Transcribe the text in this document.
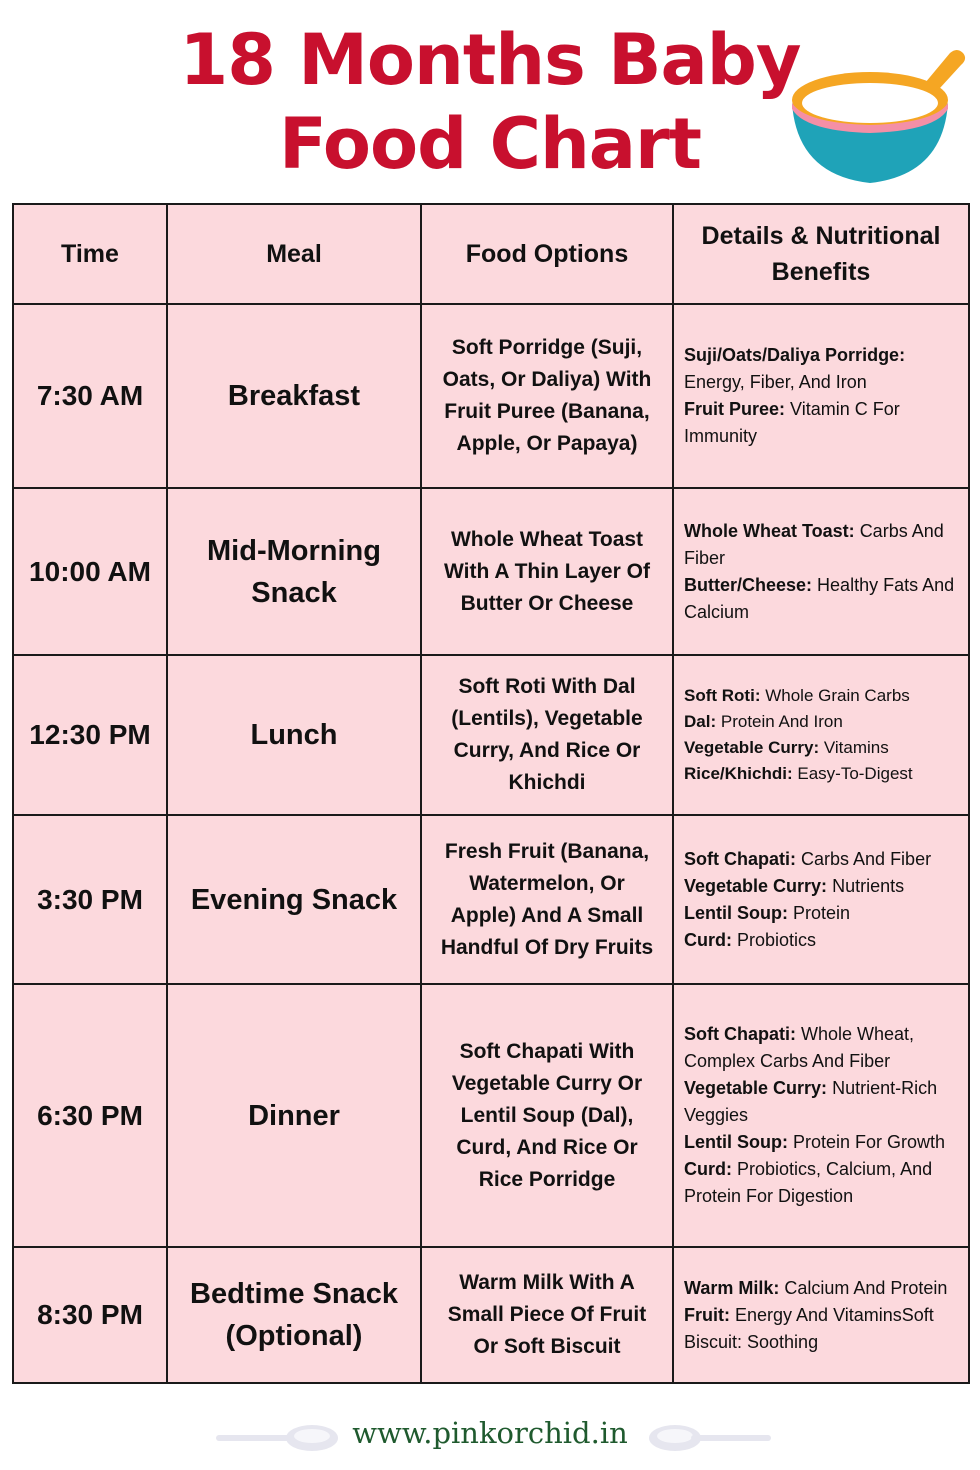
18 Months Baby
Food Chart
Time	Meal	Food Options	Details & Nutritional Benefits
7:30 AM	Breakfast	Soft Porridge (Suji, Oats, Or Daliya) With Fruit Puree (Banana, Apple, Or Papaya)	Suji/Oats/Daliya Porridge: Energy, Fiber, And Iron
Fruit Puree: Vitamin C For Immunity

10:00 AM	Mid-Morning Snack	Whole Wheat Toast With A Thin Layer Of Butter Or Cheese	Whole Wheat Toast: Carbs And Fiber
Butter/Cheese: Healthy Fats And Calcium

12:30 PM	Lunch	Soft Roti With Dal (Lentils), Vegetable Curry, And Rice Or Khichdi	Soft Roti: Whole Grain Carbs
Dal: Protein And Iron
Vegetable Curry: Vitamins
Rice/Khichdi: Easy-To-Digest

3:30 PM	Evening Snack	Fresh Fruit (Banana, Watermelon, Or Apple) And A Small Handful Of Dry Fruits	Soft Chapati: Carbs And Fiber
Vegetable Curry: Nutrients
Lentil Soup: Protein
Curd: Probiotics

6:30 PM	Dinner	Soft Chapati With Vegetable Curry Or Lentil Soup (Dal), Curd, And Rice Or Rice Porridge	Soft Chapati: Whole Wheat, Complex Carbs And Fiber
Vegetable Curry: Nutrient-Rich Veggies
Lentil Soup: Protein For Growth
Curd: Probiotics, Calcium, And Protein For Digestion

8:30 PM	Bedtime Snack (Optional)	Warm Milk With A Small Piece Of Fruit Or Soft Biscuit	Warm Milk: Calcium And Protein
Fruit: Energy And VitaminsSoft Biscuit: Soothing
www.pinkorchid.in
